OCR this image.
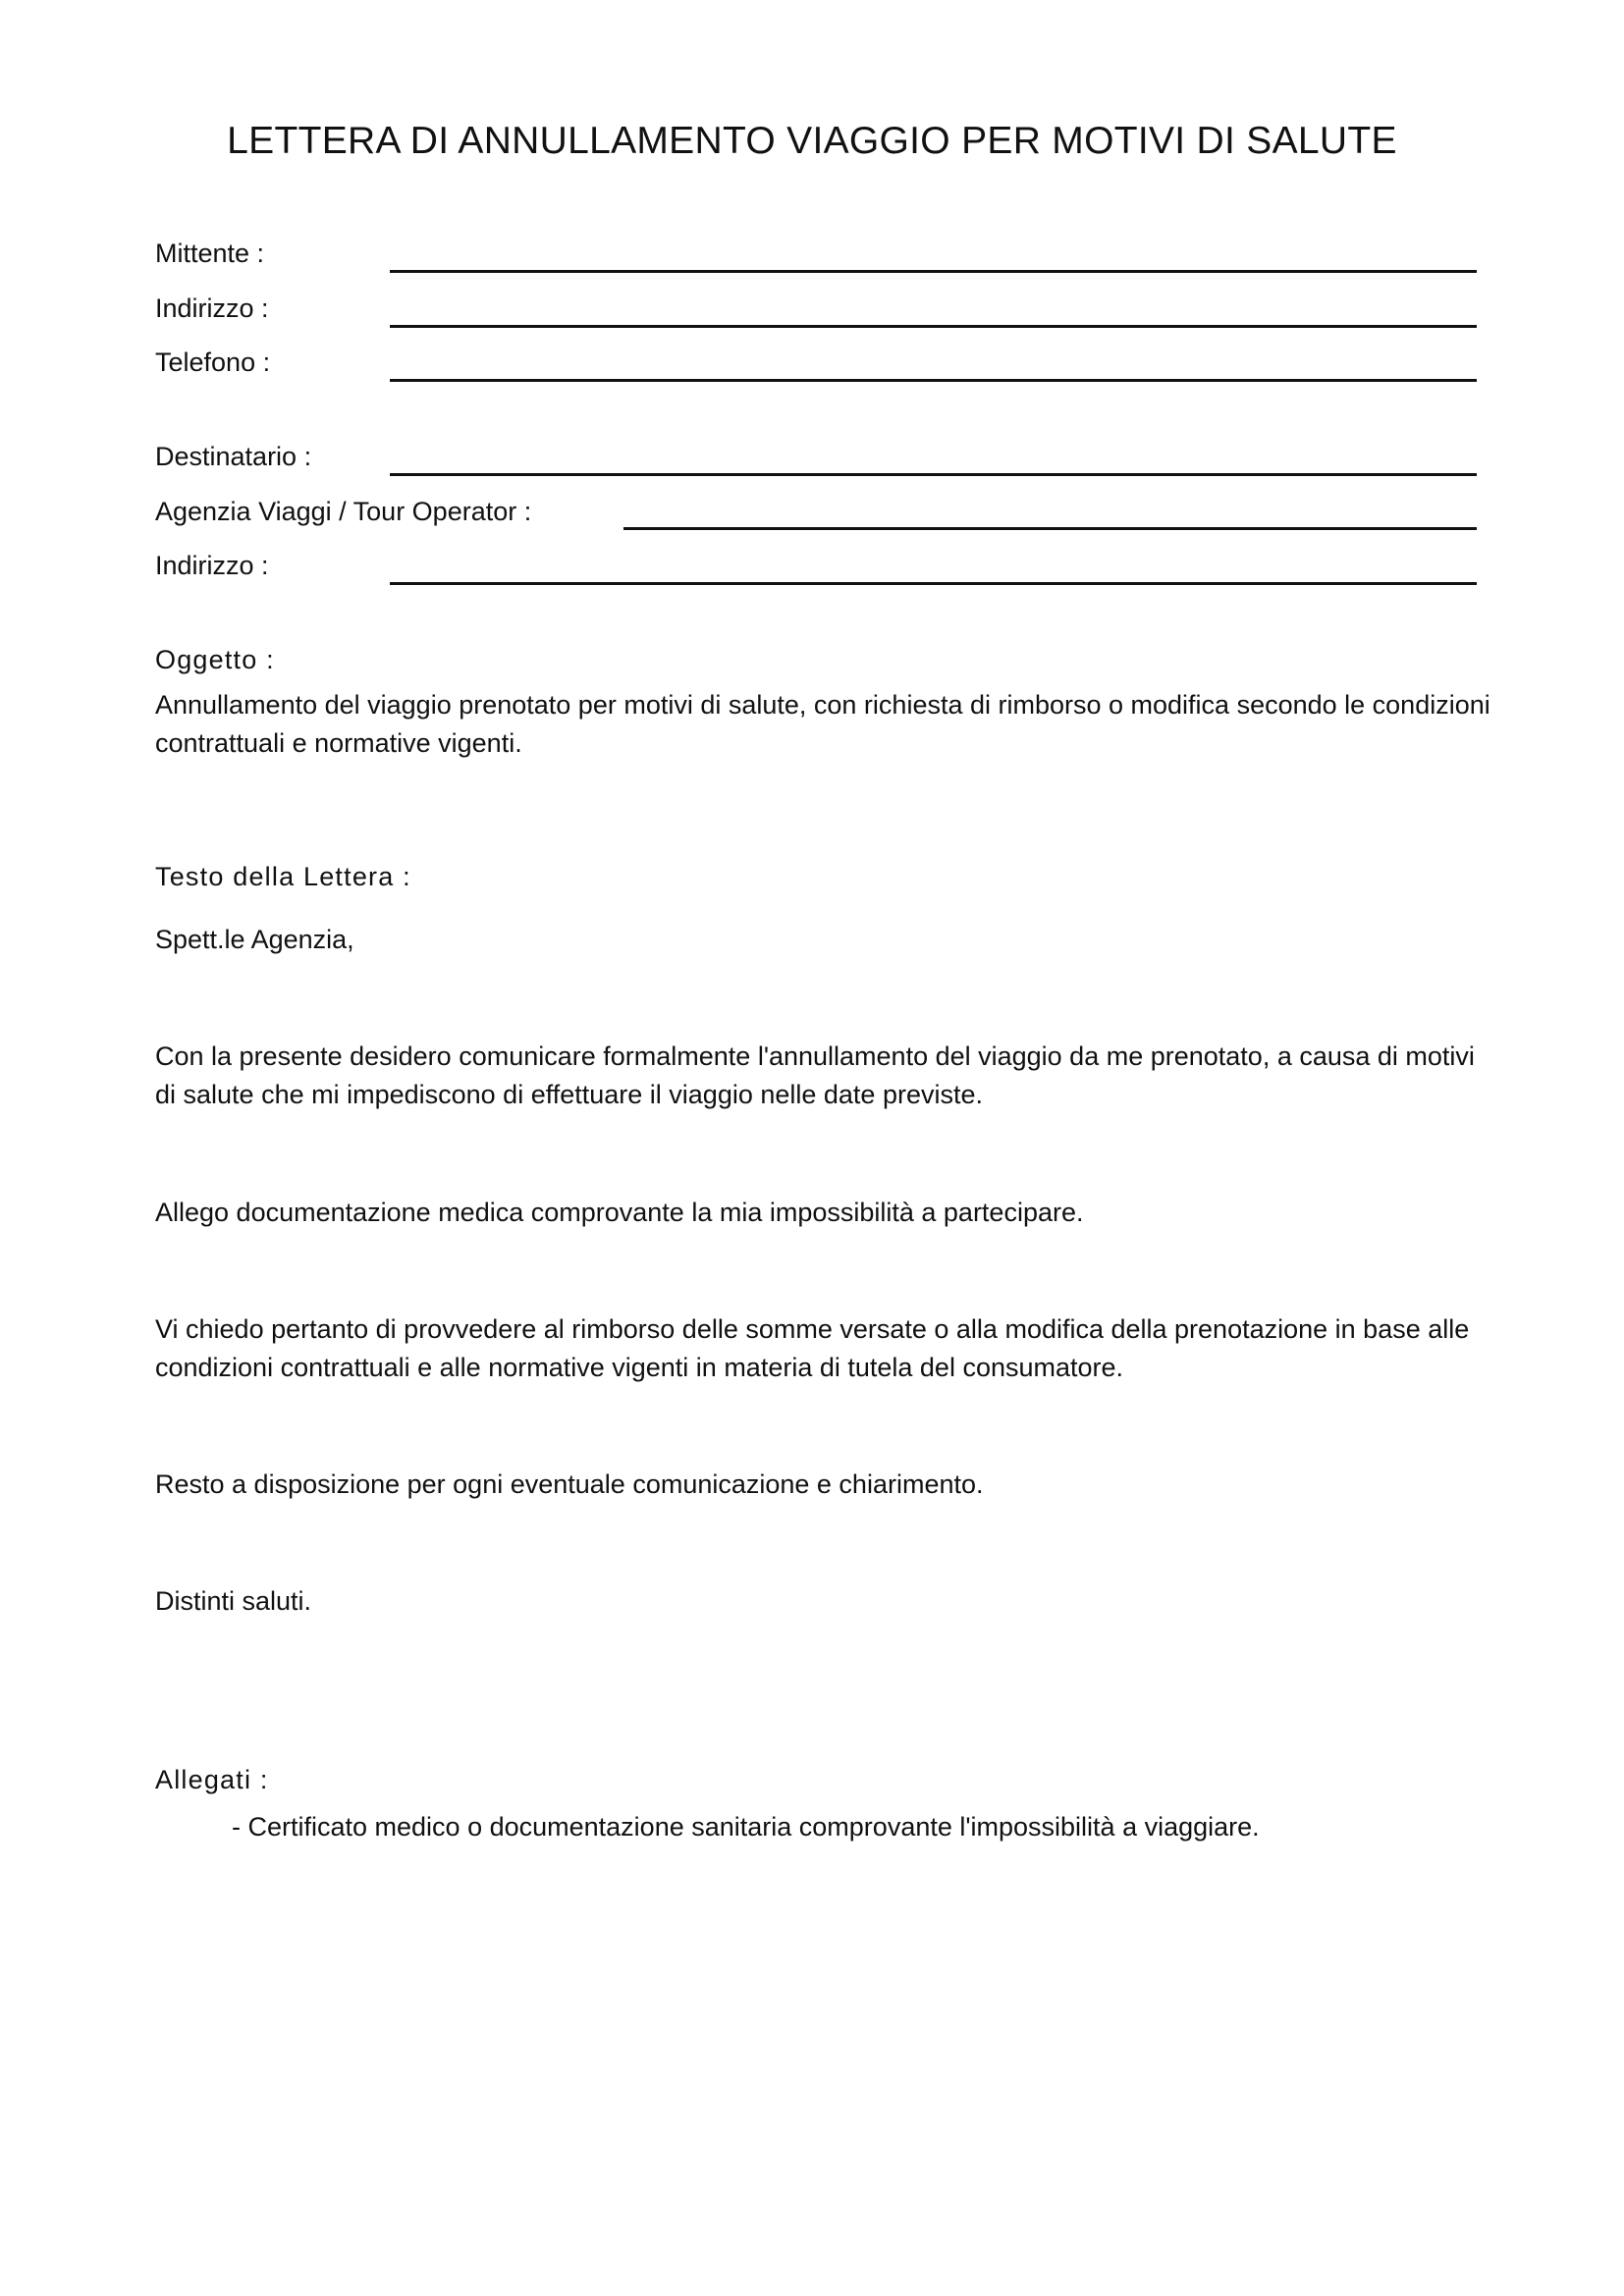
LETTERA DI ANNULLAMENTO VIAGGIO PER MOTIVI DI SALUTE
Mittente :
Indirizzo :
Telefono :
Destinatario :
Agenzia Viaggi / Tour Operator :
Indirizzo :
Oggetto :

Annullamento del viaggio prenotato per motivi di salute, con richiesta di rimborso o modifica secondo le condizioni contrattuali e normative vigenti.

Testo della Lettera :

Spett.le Agenzia,

Con la presente desidero comunicare formalmente l'annullamento del viaggio da me prenotato, a causa di motivi di salute che mi impediscono di effettuare il viaggio nelle date previste.

Allego documentazione medica comprovante la mia impossibilità a partecipare.

Vi chiedo pertanto di provvedere al rimborso delle somme versate o alla modifica della prenotazione in base alle condizioni contrattuali e alle normative vigenti in materia di tutela del consumatore.

Resto a disposizione per ogni eventuale comunicazione e chiarimento.

Distinti saluti.

Allegati :
- Certificato medico o documentazione sanitaria comprovante l'impossibilità a viaggiare.
